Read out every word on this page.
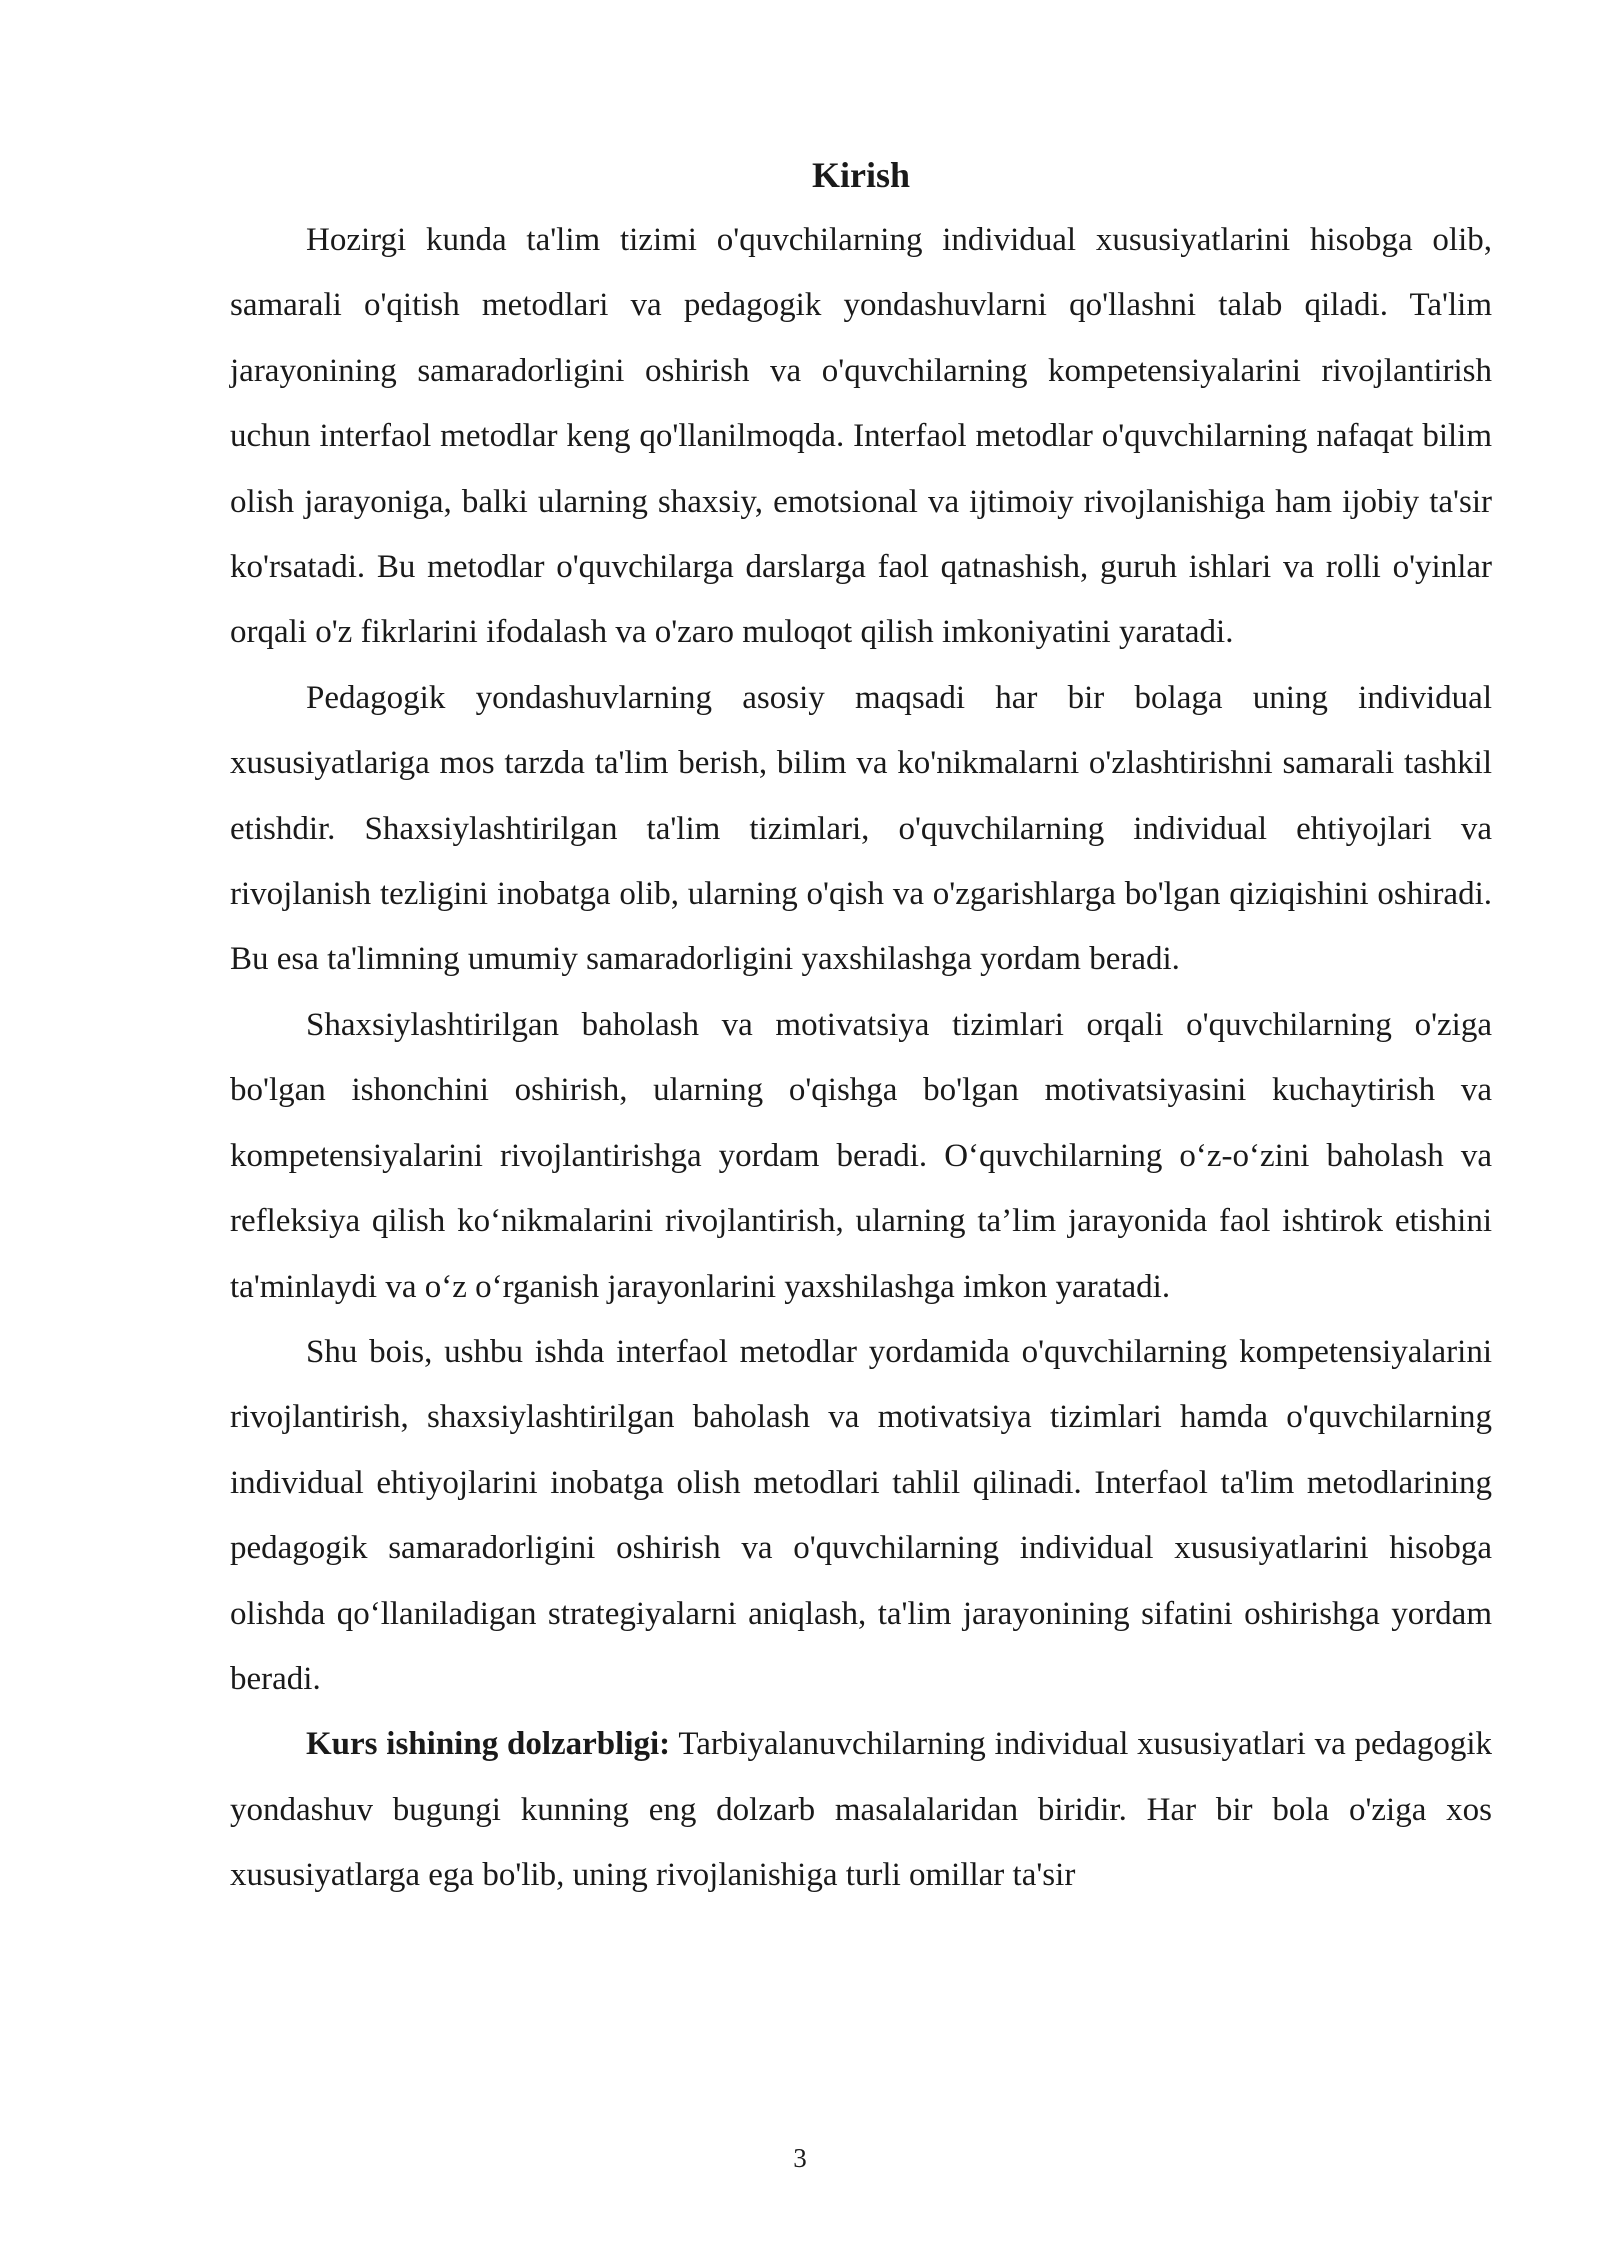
Kirish

Hozirgi kunda ta'lim tizimi o'quvchilarning individual xususiyatlarini hisobga olib, samarali o'qitish metodlari va pedagogik yondashuvlarni qo'llashni talab qiladi. Ta'lim jarayonining samaradorligini oshirish va o'quvchilarning kompetensiyalarini rivojlantirish uchun interfaol metodlar keng qo'llanilmoqda. Interfaol metodlar o'quvchilarning nafaqat bilim olish jarayoniga, balki ularning shaxsiy, emotsional va ijtimoiy rivojlanishiga ham ijobiy ta'sir ko'rsatadi. Bu metodlar o'quvchilarga darslarga faol qatnashish, guruh ishlari va rolli o'yinlar orqali o'z fikrlarini ifodalash va o'zaro muloqot qilish imkoniyatini yaratadi.

Pedagogik yondashuvlarning asosiy maqsadi har bir bolaga uning individual xususiyatlariga mos tarzda ta'lim berish, bilim va ko'nikmalarni o'zlashtirishni samarali tashkil etishdir. Shaxsiylashtirilgan ta'lim tizimlari, o'quvchilarning individual ehtiyojlari va rivojlanish tezligini inobatga olib, ularning o'qish va o'zgarishlarga bo'lgan qiziqishini oshiradi. Bu esa ta'limning umumiy samaradorligini yaxshilashga yordam beradi.

Shaxsiylashtirilgan baholash va motivatsiya tizimlari orqali o'quvchilarning o'ziga bo'lgan ishonchini oshirish, ularning o'qishga bo'lgan motivatsiyasini kuchaytirish va kompetensiyalarini rivojlantirishga yordam beradi. O‘quvchilarning o‘z-o‘zini baholash va refleksiya qilish ko‘nikmalarini rivojlantirish, ularning ta’lim jarayonida faol ishtirok etishini ta'minlaydi va o‘z o‘rganish jarayonlarini yaxshilashga imkon yaratadi.

Shu bois, ushbu ishda interfaol metodlar yordamida o'quvchilarning kompetensiyalarini rivojlantirish, shaxsiylashtirilgan baholash va motivatsiya tizimlari hamda o'quvchilarning individual ehtiyojlarini inobatga olish metodlari tahlil qilinadi. Interfaol ta'lim metodlarining pedagogik samaradorligini oshirish va o'quvchilarning individual xususiyatlarini hisobga olishda qo‘llaniladigan strategiyalarni aniqlash, ta'lim jarayonining sifatini oshirishga yordam beradi.

Kurs ishining dolzarbligi: Tarbiyalanuvchilarning individual xususiyatlari va pedagogik yondashuv bugungi kunning eng dolzarb masalalaridan biridir. Har bir bola o'ziga xos xususiyatlarga ega bo'lib, uning rivojlanishiga turli omillar ta'sir

3
